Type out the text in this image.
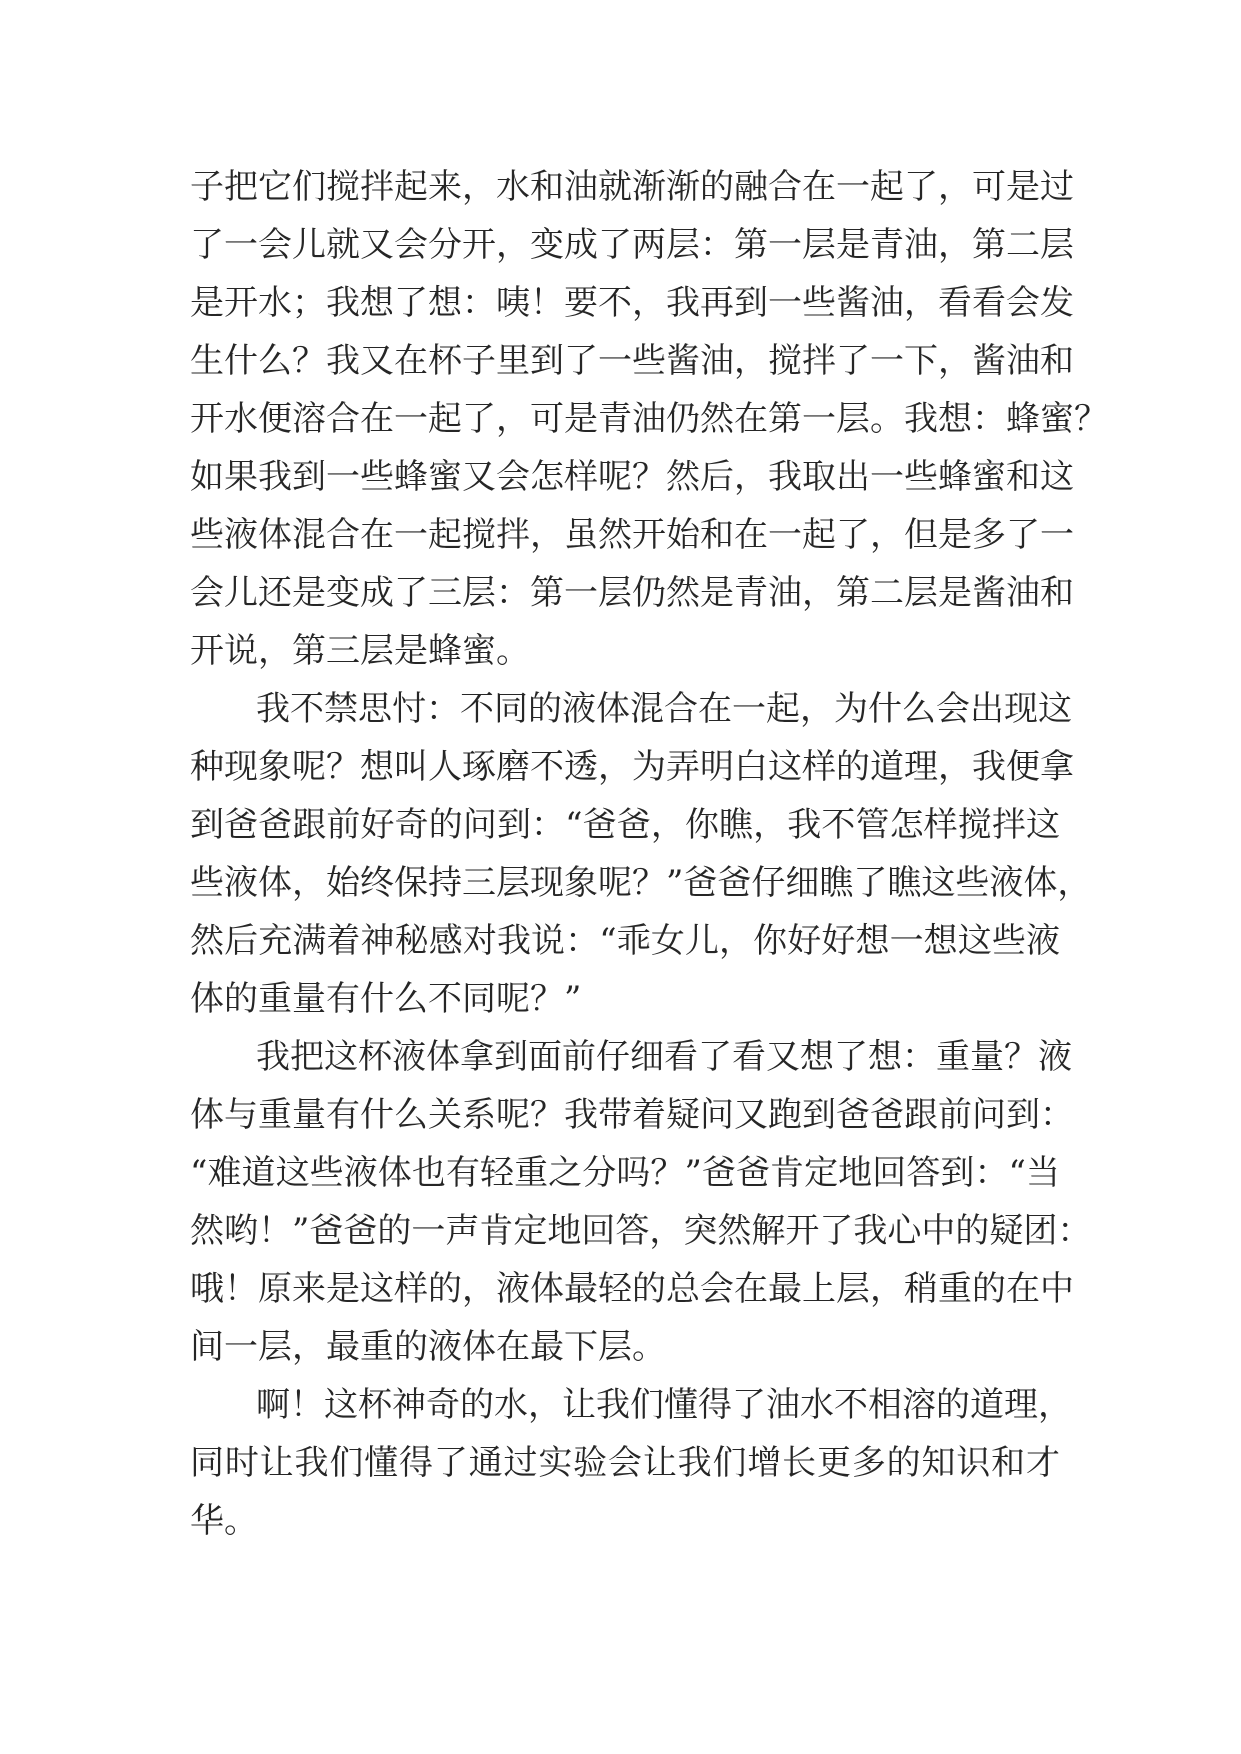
子把它们搅拌起来，水和油就渐渐的融合在一起了，可是过
了一会儿就又会分开，变成了两层：第一层是青油，第二层
是开水；我想了想：咦！要不，我再到一些酱油，看看会发
生什么？我又在杯子里到了一些酱油，搅拌了一下，酱油和
开水便溶合在一起了，可是青油仍然在第一层。我想：蜂蜜？
如果我到一些蜂蜜又会怎样呢？然后，我取出一些蜂蜜和这
些液体混合在一起搅拌，虽然开始和在一起了，但是多了一
会儿还是变成了三层：第一层仍然是青油，第二层是酱油和
开说，第三层是蜂蜜。
我不禁思忖：不同的液体混合在一起，为什么会出现这
种现象呢？想叫人琢磨不透，为弄明白这样的道理，我便拿
到爸爸跟前好奇的问到：“爸爸，你瞧，我不管怎样搅拌这
些液体，始终保持三层现象呢？”爸爸仔细瞧了瞧这些液体，
然后充满着神秘感对我说：“乖女儿，你好好想一想这些液
体的重量有什么不同呢？”
我把这杯液体拿到面前仔细看了看又想了想：重量？液
体与重量有什么关系呢？我带着疑问又跑到爸爸跟前问到：
“难道这些液体也有轻重之分吗？”爸爸肯定地回答到：“当
然哟！”爸爸的一声肯定地回答，突然解开了我心中的疑团：
哦！原来是这样的，液体最轻的总会在最上层，稍重的在中
间一层，最重的液体在最下层。
啊！这杯神奇的水，让我们懂得了油水不相溶的道理，
同时让我们懂得了通过实验会让我们增长更多的知识和才
华。
